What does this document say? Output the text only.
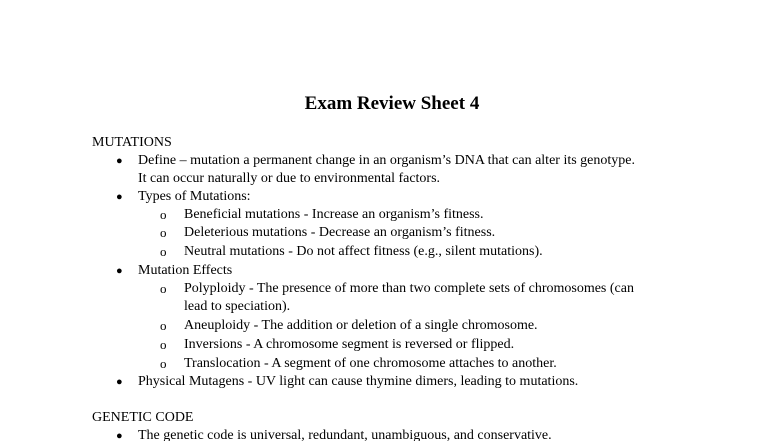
Exam Review Sheet 4
MUTATIONS
● Define – mutation a permanent change in an organism’s DNA that can alter its genotype.
It can occur naturally or due to environmental factors.
● Types of Mutations:
o Beneficial mutations - Increase an organism’s fitness.
o Deleterious mutations - Decrease an organism’s fitness.
o Neutral mutations - Do not affect fitness (e.g., silent mutations).
● Mutation Effects
o Polyploidy - The presence of more than two complete sets of chromosomes (can
lead to speciation).
o Aneuploidy - The addition or deletion of a single chromosome.
o Inversions - A chromosome segment is reversed or flipped.
o Translocation - A segment of one chromosome attaches to another.
● Physical Mutagens - UV light can cause thymine dimers, leading to mutations.
GENETIC CODE
● The genetic code is universal, redundant, unambiguous, and conservative.
